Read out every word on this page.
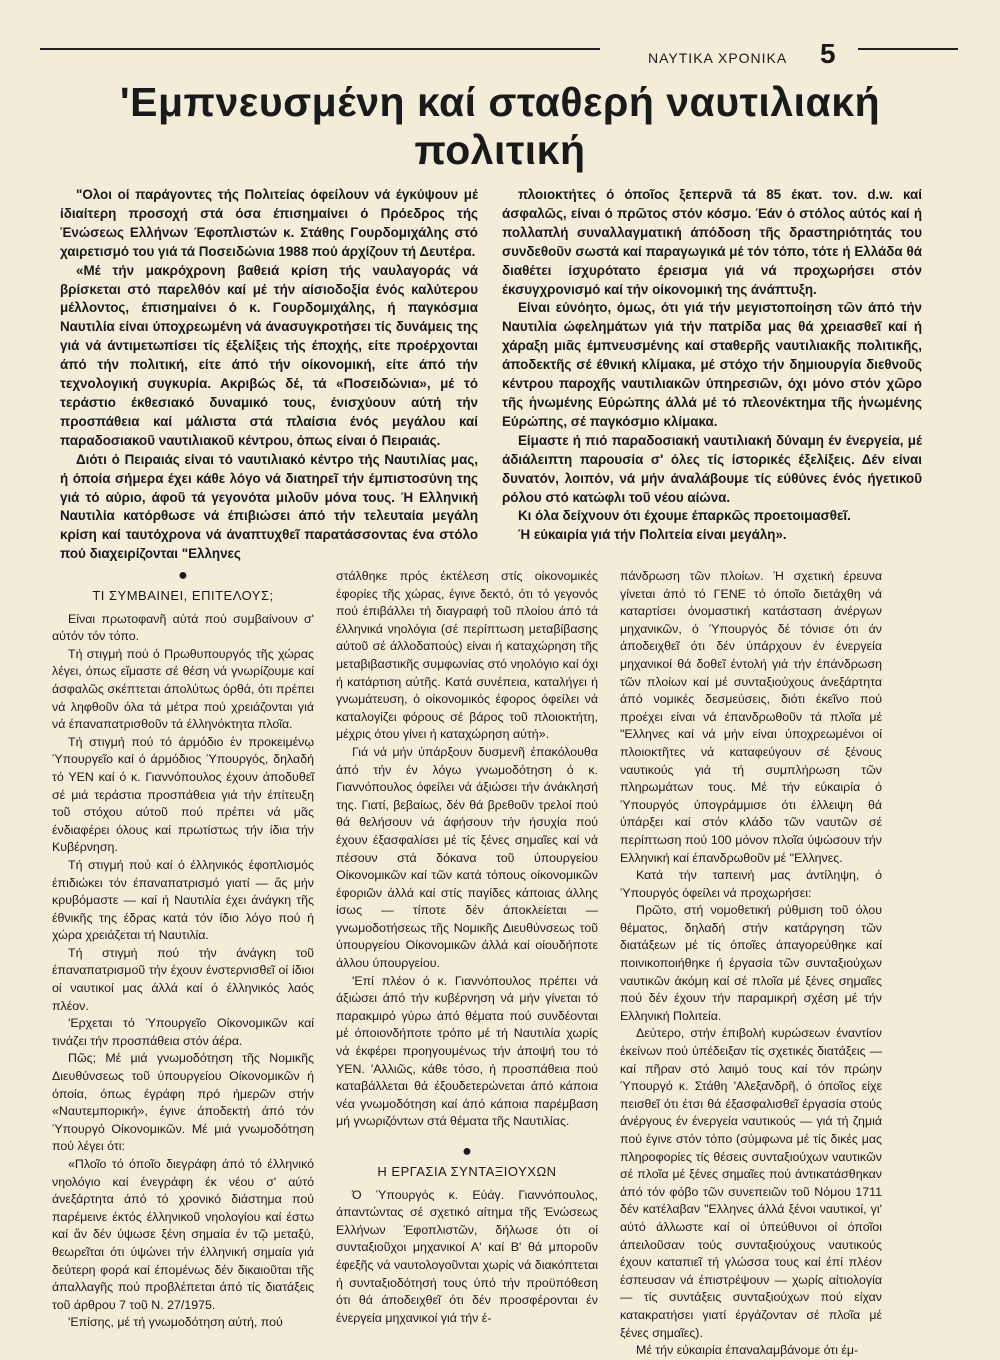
ΝΑΥΤΙΚΑ ΧΡΟΝΙΚΑ 5
'Εμπνευσμένη καί σταθερή ναυτιλιακή πολιτική

"Ολοι οί παράγοντες τής Πολιτείας όφείλουν νά έγκύψουν μέ ίδιαίτερη προσοχή στά όσα έπισημαίνει ό Πρόεδρος τής Ένώσεως Ελλήνων Έφοπλιστών κ. Στάθης Γουρδομιχάλης στό χαιρετισμό του γιά τά Ποσειδώνια 1988 πού άρχίζουν τή Δευτέρα.

«Μέ τήν μακρόχρονη βαθειά κρίση τής ναυλαγοράς νά βρίσκεται στό παρελθόν καί μέ τήν αίσιοδοξία ένός καλύτερου μέλλοντος, έπισημαίνει ό κ. Γουρδομιχάλης, ή παγκόσμια Ναυτιλία είναι ύποχρεωμένη νά άνασυγκροτήσει τίς δυνάμεις της γιά νά άντιμετωπίσει τίς έξελίξεις τής έποχής, είτε προέρχονται άπό τήν πολιτική, είτε άπό τήν οίκονομική, είτε άπό τήν τεχνολογική συγκυρία. Ακριβώς δέ, τά «Ποσειδώνια», μέ τό τεράστιο έκθεσιακό δυναμικό τους, ένισχύουν αύτή τήν προσπάθεια καί μάλιστα στά πλαίσια ένός μεγάλου καί παραδοσιακοῦ ναυτιλιακοῦ κέντρου, όπως είναι ό Πειραιάς.

Διότι ό Πειραιάς είναι τό ναυτιλιακό κέντρο τής Ναυτιλίας μας, ή όποία σήμερα έχει κάθε λόγο νά διατηρεῖ τήν έμπιστοσύνη της γιά τό αύριο, άφοῦ τά γεγονότα μιλοῦν μόνα τους. Ή Ελληνική Ναυτιλία κατόρθωσε νά έπιβιώσει άπό τήν τελευταία μεγάλη κρίση καί ταυτόχρονα νά άναπτυχθεῖ παρατάσσοντας ένα στόλο πού διαχειρίζονται "Ελληνες

πλοιοκτήτες ό όποῖος ξεπερνᾶ τά 85 έκατ. τον. d.w. καί άσφαλῶς, είναι ό πρῶτος στόν κόσμο. Έάν ό στόλος αύτός καί ή πολλαπλή συναλλαγματική άπόδοση τῆς δραστηριότητάς του συνδεθοῦν σωστά καί παραγωγικά μέ τόν τόπο, τότε ή Ελλάδα θά διαθέτει ίσχυρότατο έρεισμα γιά νά προχωρήσει στόν έκσυγχρονισμό καί τήν οίκονομική της άνάπτυξη.

Είναι εύνόητο, όμως, ότι γιά τήν μεγιστοποίηση τῶν άπό τήν Ναυτιλία ώφελημάτων γιά τήν πατρίδα μας θά χρειασθεῖ καί ή χάραξη μιᾶς έμπνευσμένης καί σταθερῆς ναυτιλιακῆς πολιτικῆς, άποδεκτῆς σέ έθνική κλίμακα, μέ στόχο τήν δημιουργία διεθνοῦς κέντρου παροχῆς ναυτιλιακῶν ύπηρεσιῶν, όχι μόνο στόν χῶρο τῆς ἡνωμένης Εύρώπης άλλά μέ τό πλεονέκτημα τῆς ἡνωμένης Εύρώπης, σέ παγκόσμιο κλίμακα.

Είμαστε ή πιό παραδοσιακή ναυτιλιακή δύναμη έν ένεργεία, μέ άδιάλειπτη παρουσία σ' όλες τίς ίστορικές έξελίξεις. Δέν είναι δυνατόν, λοιπόν, νά μήν άναλάβουμε τίς εύθύνες ένός ήγετικοῦ ρόλου στό κατώφλι τοῦ νέου αίώνα.

Κι όλα δείχνουν ότι έχουμε έπαρκῶς προετοιμασθεῖ.

Ή εύκαιρία γιά τήν Πολιτεία είναι μεγάλη».

●
ΤΙ ΣΥΜΒΑΙΝΕΙ, ΕΠΙΤΕΛΟΥΣ;

Είναι πρωτοφανῆ αύτά πού συμβαίνουν σ' αύτόν τόν τόπο.

Τή στιγμή πού ό Πρωθυπουργός τῆς χώρας λέγει, όπως εἴμαστε σέ θέση νά γνωρίζουμε καί άσφαλῶς σκέπτεται άπολύτως όρθά, ότι πρέπει νά ληφθοῦν όλα τά μέτρα πού χρειάζονται γιά νά έπαναπατρισθοῦν τά έλληνόκτητα πλοῖα.

Τή στιγμή πού τό άρμόδιο ἐν προκειμένῳ Ύπουργεῖο καί ό άρμόδιος Ύπουργός, δηλαδή τό ΥΕΝ καί ό κ. Γιαννόπουλος έχουν άποδυθεῖ σέ μιά τεράστια προσπάθεια γιά τήν έπίτευξη τοῦ στόχου αύτοῦ πού πρέπει νά μᾶς ένδιαφέρει όλους καί πρωτίστως τήν ίδια τήν Κυβέρνηση.

Τή στιγμή πού καί ό έλληνικός έφοπλισμός έπιδιώκει τόν έπαναπατρισμό γιατί — ἄς μήν κρυβόμαστε — καί ή Ναυτιλία έχει άνάγκη τῆς έθνικῆς της έδρας κατά τόν ίδιο λόγο πού ή χώρα χρειάζεται τή Ναυτιλία.

Τή στιγμή πού τήν άνάγκη τοῦ έπαναπατρισμοῦ τήν έχουν ένστερνισθεῖ οί ίδιοι οί ναυτικοί μας άλλά καί ό έλληνικός λαός πλέον.

'Ερχεται τό Ύπουργεῖο Οίκονομικῶν καί τινάζει τήν προσπάθεια στόν άέρα.

Πῶς; Μέ μιά γνωμοδότηση τῆς Νομικῆς Διευθύνσεως τοῦ ύπουργείου Οίκονομικῶν ή όποία, όπως έγράφη πρό ήμερῶν στήν «Ναυτεμπορική», έγινε άποδεκτή άπό τόν Ύπουργό Οίκονομικῶν. Μέ μιά γνωμοδότηση πού λέγει ότι:

«Πλοῖο τό όποῖο διεγράφη άπό τό έλληνικό νηολόγιο καί ένεγράφη έκ νέου σ' αύτό άνεξάρτητα άπό τό χρονικό διάστημα πού παρέμεινε έκτός έλληνικοῦ νηολογίου καί έστω καί ἄν δέν ύψωσε ξένη σημαία έν τῷ μεταξύ, θεωρεῖται ότι ύψώνει τήν έλληνική σημαία γιά δεύτερη φορά καί έπομένως δέν δικαιοῦται τῆς άπαλλαγῆς πού προβλέπεται άπό τίς διατάξεις τοῦ άρθρου 7 τοῦ Ν. 27/1975.

'Επίσης, μέ τή γνωμοδότηση αύτή, πού

στάλθηκε πρός έκτέλεση στίς οίκονομικές έφορίες τῆς χώρας, έγινε δεκτό, ότι τό γεγονός πού έπιβάλλει τή διαγραφή τοῦ πλοίου άπό τά έλληνικά νηολόγια (σέ περίπτωση μεταβίβασης αύτοῦ σέ άλλοδαπούς) είναι ή καταχώρηση τῆς μεταβιβαστικῆς συμφωνίας στό νηολόγιο καί όχι ή κατάρτιση αύτῆς. Κατά συνέπεια, καταλήγει ή γνωμάτευση, ό οίκονομικός έφορος όφείλει νά καταλογίζει φόρους σέ βάρος τοῦ πλοιοκτήτη, μέχρις ότου γίνει ή καταχώρηση αύτή».

Γιά νά μήν ύπάρξουν δυσμενῆ έπακόλουθα άπό τήν έν λόγω γνωμοδότηση ό κ. Γιαννόπουλος όφείλει νά άξιώσει τήν άνάκλησή της. Γιατί, βεβαίως, δέν θά βρεθοῦν τρελοί πού θά θελήσουν νά άφήσουν τήν ήσυχία πού έχουν έξασφαλίσει μέ τίς ξένες σημαῖες καί νά πέσουν στά δόκανα τοῦ ύπουργείου Οίκονομικῶν καί τῶν κατά τόπους οίκονομικῶν έφοριῶν άλλά καί στίς παγίδες κάποιας άλλης ίσως — τίποτε δέν άποκλείεται — γνωμοδοτήσεως τῆς Νομικῆς Διευθύνσεως τοῦ ύπουργείου Οίκονομικῶν άλλά καί οίουδήποτε άλλου ύπουργείου.

'Επί πλέον ό κ. Γιαννόπουλος πρέπει νά άξιώσει άπό τήν κυβέρνηση νά μήν γίνεται τό παρακμιρό γύρω άπό θέματα πού συνδέονται μέ όποιονδήποτε τρόπο μέ τή Ναυτιλία χωρίς νά έκφέρει προηγουμένως τήν άποψή του τό ΥΕΝ. 'Αλλιῶς, κάθε τόσο, ή προσπάθεια πού καταβάλλεται θά έξουδετερώνεται άπό κάποια νέα γνωμοδότηση καί άπό κάποια παρέμβαση μή γνωριζόντων στά θέματα τῆς Ναυτιλίας.

●
Η ΕΡΓΑΣΙΑ ΣΥΝΤΑΞΙΟΥΧΩΝ

Ό Ύπουργός κ. Εύάγ. Γιαννόπουλος, άπαντώντας σέ σχετικό αίτημα τῆς Ένώσεως Ελλήνων Έφοπλιστῶν, δήλωσε ότι οί συνταξιοῦχοι μηχανικοί Α' καί Β' θά μποροῦν έφεξῆς νά ναυτολογοῦνται χωρίς νά διακόπτεται ή συνταξιοδότησή τους ύπό τήν προϋπόθεση ότι θά άποδειχθεῖ ότι δέν προσφέρονται έν ένεργεία μηχανικοί γιά τήν έ-

πάνδρωση τῶν πλοίων. Ή σχετική έρευνα γίνεται άπό τό ΓΕΝΕ τό όποῖο διετάχθη νά καταρτίσει όνομαστική κατάσταση άνέργων μηχανικῶν, ό Ύπουργός δέ τόνισε ότι άν άποδειχθεῖ ότι δέν ύπάρχουν έν ένεργεία μηχανικοί θά δοθεῖ έντολή γιά τήν έπάνδρωση τῶν πλοίων καί μέ συνταξιούχους άνεξάρτητα άπό νομικές δεσμεύσεις, διότι έκεῖνο πού προέχει είναι νά έπανδρωθοῦν τά πλοῖα μέ "Ελληνες καί νά μήν είναι ύποχρεωμένοι οί πλοιοκτῆτες νά καταφεύγουν σέ ξένους ναυτικούς γιά τή συμπλήρωση τῶν πληρωμάτων τους. Μέ τήν εύκαιρία ό Ύπουργός ύπογράμμισε ότι έλλειψη θά ύπάρξει καί στόν κλάδο τῶν ναυτῶν σέ περίπτωση πού 100 μόνον πλοῖα ύψώσουν τήν Ελληνική καί έπανδρωθοῦν μέ "Ελληνες.

Κατά τήν ταπεινή μας άντίληψη, ό Ύπουργός όφείλει νά προχωρήσει:

Πρῶτο, στή νομοθετική ρύθμιση τοῦ όλου θέματος, δηλαδή στήν κατάργηση τῶν διατάξεων μέ τίς όποῖες άπαγορεύθηκε καί ποινικοποιήθηκε ή έργασία τῶν συνταξιούχων ναυτικῶν άκόμη καί σέ πλοῖα μέ ξένες σημαῖες πού δέν έχουν τήν παραμικρή σχέση μέ τήν Ελληνική Πολιτεία.

Δεύτερο, στήν έπιβολή κυρώσεων έναντίον έκείνων πού ύπέδειξαν τίς σχετικές διατάξεις — καί πῆραν στό λαιμό τους καί τόν πρώην Ύπουργό κ. Στάθη 'Αλεξανδρῆ, ό όποῖος είχε πεισθεῖ ότι έτσι θά έξασφαλισθεῖ έργασία στούς άνέργους έν ένεργεία ναυτικούς — γιά τή ζημιά πού έγινε στόν τόπο (σύμφωνα μέ τίς δικές μας πληροφορίες τίς θέσεις συνταξιούχων ναυτικῶν σέ πλοῖα μέ ξένες σημαῖες πού άντικατάσθηκαν άπό τόν φόβο τῶν συνεπειῶν τοῦ Νόμου 1711 δέν κατέλαβαν "Ελληνες άλλά ξένοι ναυτικοί, γι' αύτό άλλωστε καί οί ύπεύθυνοι οί όποῖοι άπειλοῦσαν τούς συνταξιούχους ναυτικούς έχουν καταπιεῖ τή γλώσσα τους καί έπί πλέον έσπευσαν νά έπιστρέψουν — χωρίς αίτιολογία — τίς συντάξεις συνταξιούχων πού είχαν κατακρατήσει γιατί έργάζονταν σέ πλοῖα μέ ξένες σημαῖες).

Μέ τήν εύκαιρία έπαναλαμβάνομε ότι έμ-
